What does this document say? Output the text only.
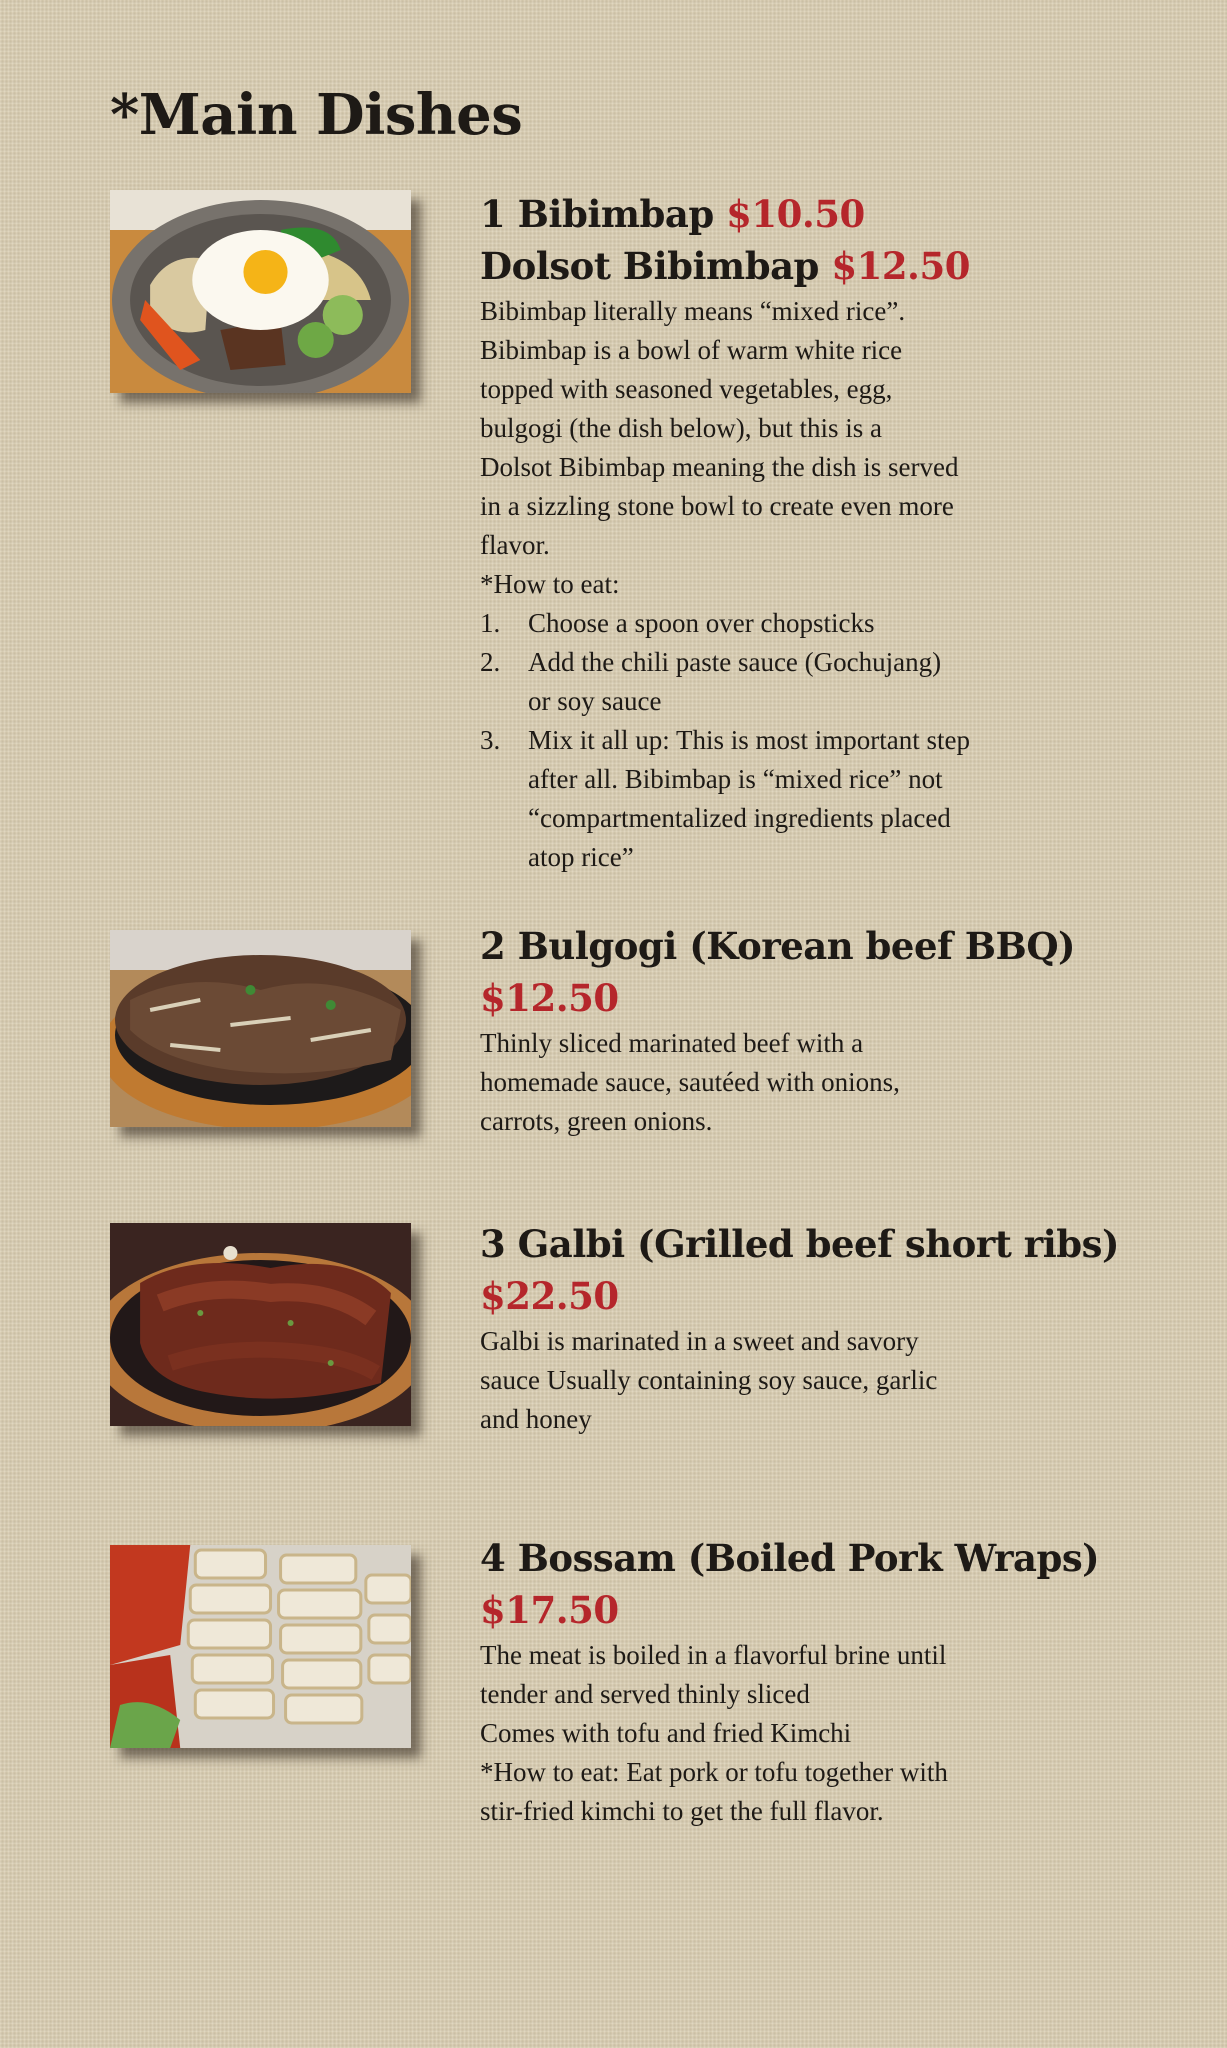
*Main Dishes

1 Bibimbap $10.50

Dolsot Bibimbap $12.50

Bibimbap literally means “mixed rice”.

Bibimbap is a bowl of warm white rice

topped with seasoned vegetables, egg,

bulgogi (the dish below), but this is a

Dolsot Bibimbap meaning the dish is served

in a sizzling stone bowl to create even more

flavor.

*How to eat:

1. Choose a spoon over chopsticks
2. Add the chili paste sauce (Gochujang)
or soy sauce
3. Mix it all up: This is most important step
after all. Bibimbap is “mixed rice” not
“compartmentalized ingredients placed
atop rice”

2 Bulgogi (Korean beef BBQ)

$12.50

Thinly sliced marinated beef with a

homemade sauce, sautéed with onions,

carrots, green onions.

3 Galbi (Grilled beef short ribs)

$22.50

Galbi is marinated in a sweet and savory

sauce Usually containing soy sauce, garlic

and honey

4 Bossam (Boiled Pork Wraps)

$17.50

The meat is boiled in a flavorful brine until

tender and served thinly sliced

Comes with tofu and fried Kimchi

*How to eat: Eat pork or tofu together with

stir-fried kimchi to get the full flavor.
